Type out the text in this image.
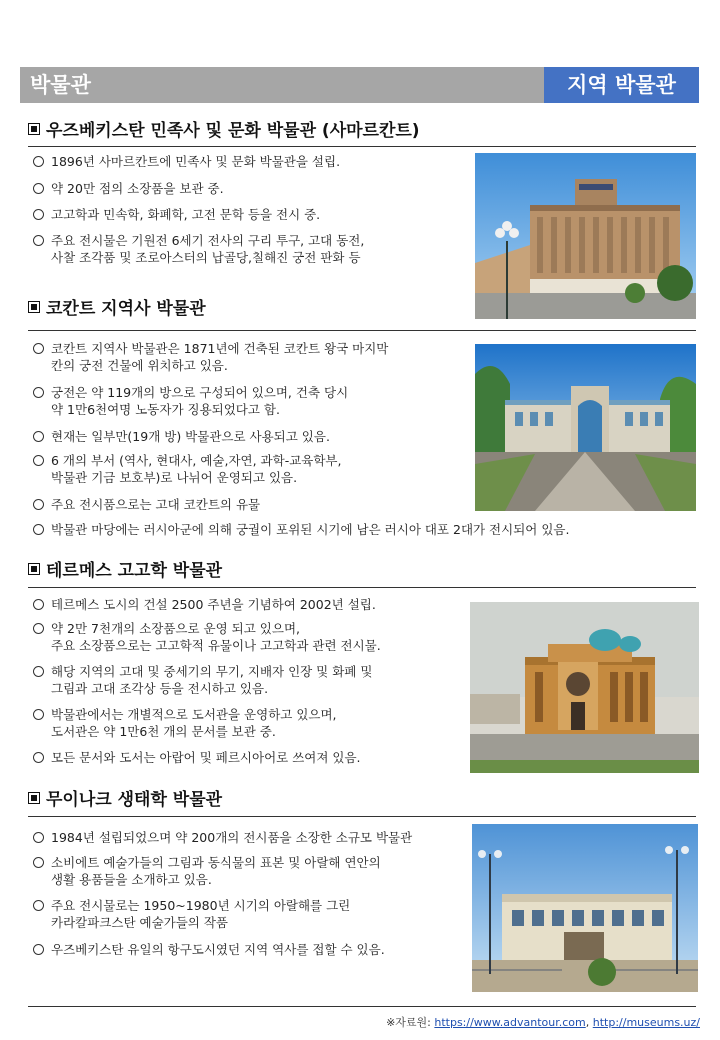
박물관	지역 박물관
우즈베키스탄 민족사 및 문화 박물관 (사마르칸트)
1896년 사마르칸트에 민족사 및 문화 박물관을 설립.
약 20만 점의 소장품을 보관 중.
고고학과 민속학, 화폐학, 고전 문학 등을 전시 중.
주요 전시물은 기원전 6세기 전사의 구리 투구, 고대 동전,
사찰 조각품 및 조로아스터의 납골당,칠해진 궁전 판화 등
코칸트 지역사 박물관
코칸트 지역사 박물관은 1871년에 건축된 코칸트 왕국 마지막
칸의 궁전 건물에 위치하고 있음.
궁전은 약 119개의 방으로 구성되어 있으며, 건축 당시
약 1만6천여명 노동자가 징용되었다고 함.
현재는 일부만(19개 방) 박물관으로 사용되고 있음.
6 개의 부서 (역사, 현대사, 예술,자연, 과학-교육학부,
박물관 기금 보호부)로 나뉘어 운영되고 있음.
주요 전시품으로는 고대 코칸트의 유물
박물관 마당에는 러시아군에 의해 궁궐이 포위된 시기에 남은 러시아 대포 2대가 전시되어 있음.
테르메스 고고학 박물관
테르메스 도시의 건설 2500 주년을 기념하여 2002년 설립.
약 2만 7천개의 소장품으로 운영 되고 있으며,
주요 소장품으로는 고고학적 유물이나 고고학과 관련 전시물.
해당 지역의 고대 및 중세기의 무기, 지배자 인장 및 화폐 및
그림과 고대 조각상 등을 전시하고 있음.
박물관에서는 개별적으로 도서관을 운영하고 있으며,
도서관은 약 1만6천 개의 문서를 보관 중.
모든 문서와 도서는 아랍어 및 페르시아어로 쓰여져 있음.
무이나크 생태학 박물관
1984년 설립되었으며 약 200개의 전시품을 소장한 소규모 박물관
소비에트 예술가들의 그림과 동식물의 표본 및 아랄해 연안의
생활 용품들을 소개하고 있음.
주요 전시물로는 1950~1980년 시기의 아랄해를 그린
카라칼파크스탄 예술가들의 작품
우즈베키스탄 유일의 항구도시였던 지역 역사를 접할 수 있음.
※자료원: https://www.advantour.com, http://museums.uz/
